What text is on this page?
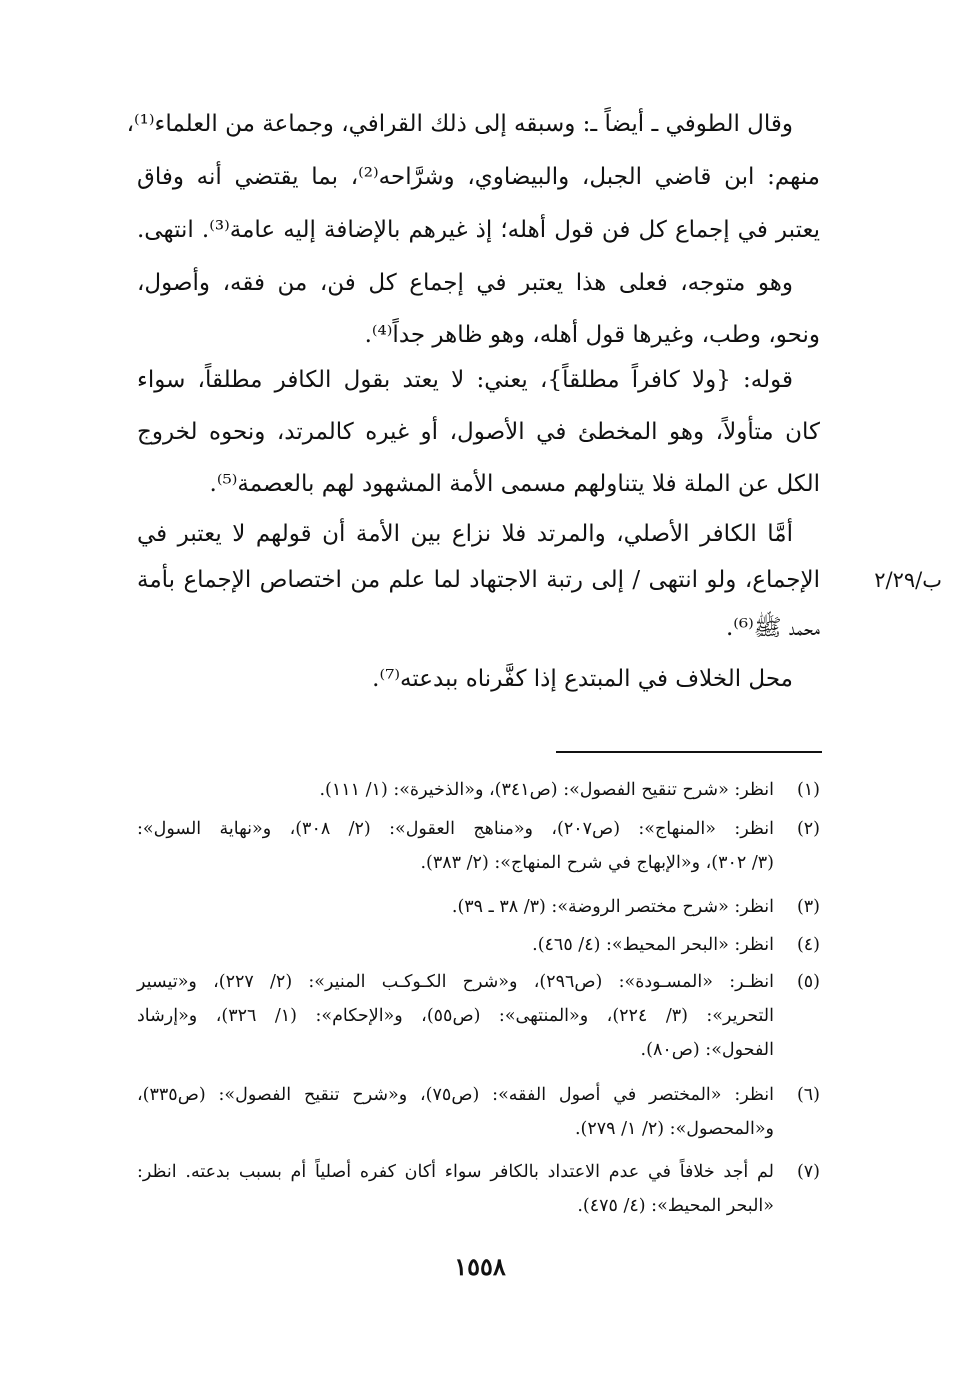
وقال الطوفي ـ أيضاً ـ: وسبقه إلى ذلك القرافي، وجماعة من العلماء⁽¹⁾،
منهم: ابن قاضي الجبل، والبيضاوي، وشرَّاحه⁽²⁾، بما يقتضي أنه وفاق
يعتبر في إجماع كل فن قول أهله؛ إذ غيرهم بالإضافة إليه عامة⁽³⁾. انتهى.
وهو متوجه، فعلى هذا يعتبر في إجماع كل فن، من فقه، وأصول،
ونحو، وطب، وغيرها قول أهله، وهو ظاهر جداً⁽⁴⁾.
قوله: {ولا كافراً مطلقاً}، يعني: لا يعتد بقول الكافر مطلقاً، سواء
كان متأولاً، وهو المخطئ في الأصول، أو غيره كالمرتد، ونحوه لخروج
الكل عن الملة فلا يتناولهم مسمى الأمة المشهود لهم بالعصمة⁽⁵⁾.
أمَّا الكافر الأصلي، والمرتد فلا نزاع بين الأمة أن قولهم لا يعتبر في
الإجماع، ولو انتهى / إلى رتبة الاجتهاد لما علم من اختصاص الإجماع بأمة
محمد ﷺ⁽⁶⁾.
محل الخلاف في المبتدع إذا كفَّرناه ببدعته⁽⁷⁾.
ب/٢/٢٩
(١)
انظر: «شرح تنقيح الفصول»: (ص٣٤١)، و«الذخيرة»: (١/ ١١١).
(٢)
انظر: «المنهاج»: (ص٢٠٧)، و«مناهج العقول»: (٢/ ٣٠٨)، و«نهاية السول»:
(٣/ ٣٠٢)، و«الإبهاج في شرح المنهاج»: (٢/ ٣٨٣).
(٣)
انظر: «شرح مختصر الروضة»: (٣/ ٣٨ ـ ٣٩).
(٤)
انظر: «البحر المحيط»: (٤/ ٤٦٥).
(٥)
انظـر: «المسـودة»: (ص٢٩٦)، و«شرح الكـوكـب المنير»: (٢/ ٢٢٧)، و«تيسير
التحرير»: (٣/ ٢٢٤)، و«المنتهى»: (ص٥٥)، و«الإحكام»: (١/ ٣٢٦)، و«إرشاد
الفحول»: (ص٨٠).
(٦)
انظر: «المختصر في أصول الفقه»: (ص٧٥)، و«شرح تنقيح الفصول»: (ص٣٣٥)،
و«المحصول»: (٢/ ١/ ٢٧٩).
(٧)
لم أجد خلافاً في عدم الاعتداد بالكافر سواء أكان كفره أصلياً أم بسبب بدعته. انظر:
«البحر المحيط»: (٤/ ٤٧٥).
١٥٥٨
